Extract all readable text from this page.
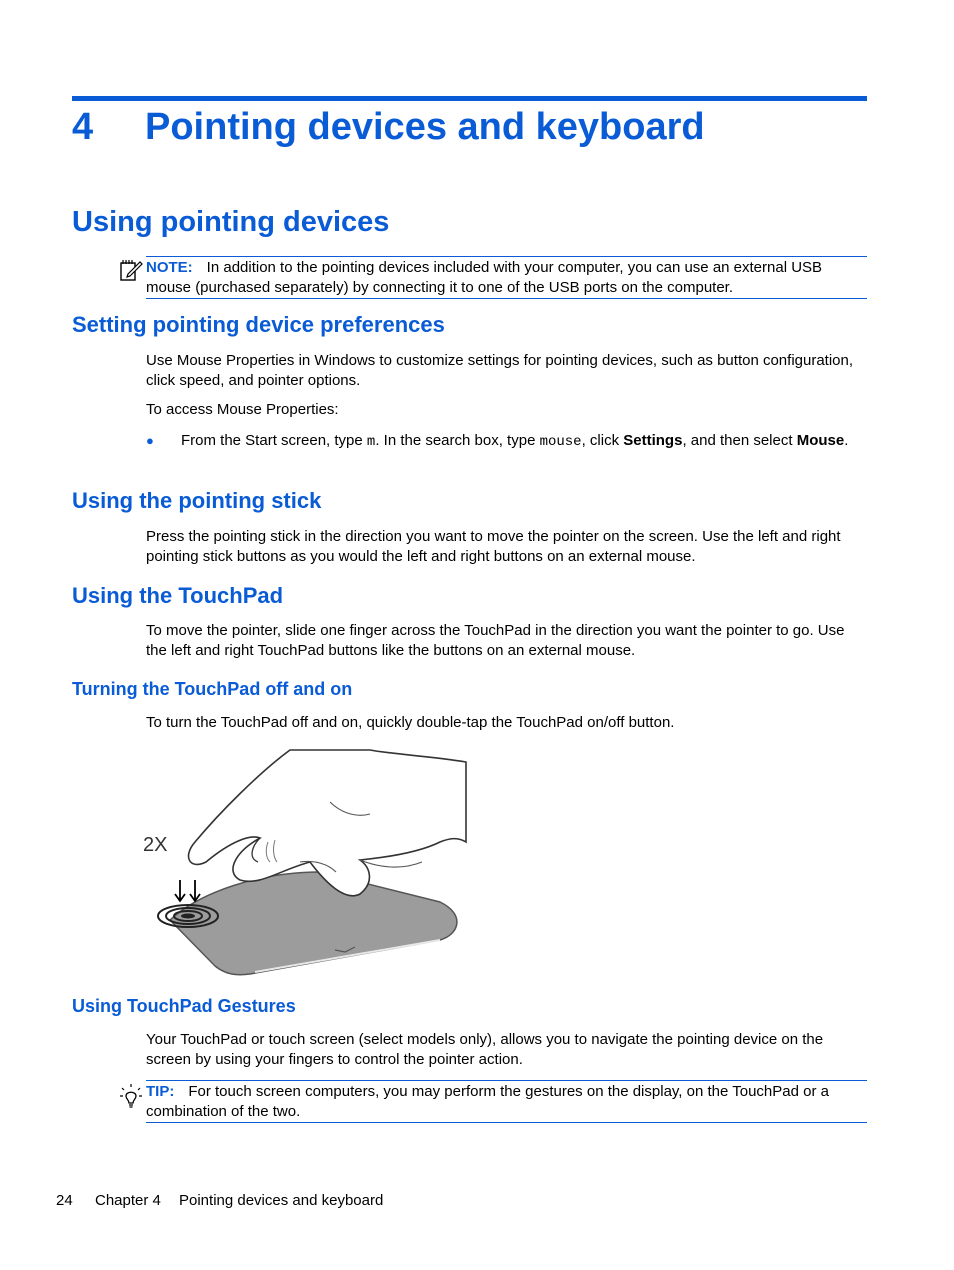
4 Pointing devices and keyboard
Using pointing devices
NOTE: In addition to the pointing devices included with your computer, you can use an external USB mouse (purchased separately) by connecting it to one of the USB ports on the computer.
Setting pointing device preferences
Use Mouse Properties in Windows to customize settings for pointing devices, such as button configuration, click speed, and pointer options.
To access Mouse Properties:
● From the Start screen, type m. In the search box, type mouse, click Settings, and then select Mouse.
Using the pointing stick
Press the pointing stick in the direction you want to move the pointer on the screen. Use the left and right pointing stick buttons as you would the left and right buttons on an external mouse.
Using the TouchPad
To move the pointer, slide one finger across the TouchPad in the direction you want the pointer to go. Use the left and right TouchPad buttons like the buttons on an external mouse.
Turning the TouchPad off and on
To turn the TouchPad off and on, quickly double-tap the TouchPad on/off button.
2X
Using TouchPad Gestures
Your TouchPad or touch screen (select models only), allows you to navigate the pointing device on the screen by using your fingers to control the pointer action.
TIP: For touch screen computers, you may perform the gestures on the display, on the TouchPad or a combination of the two.
24 Chapter 4 Pointing devices and keyboard
